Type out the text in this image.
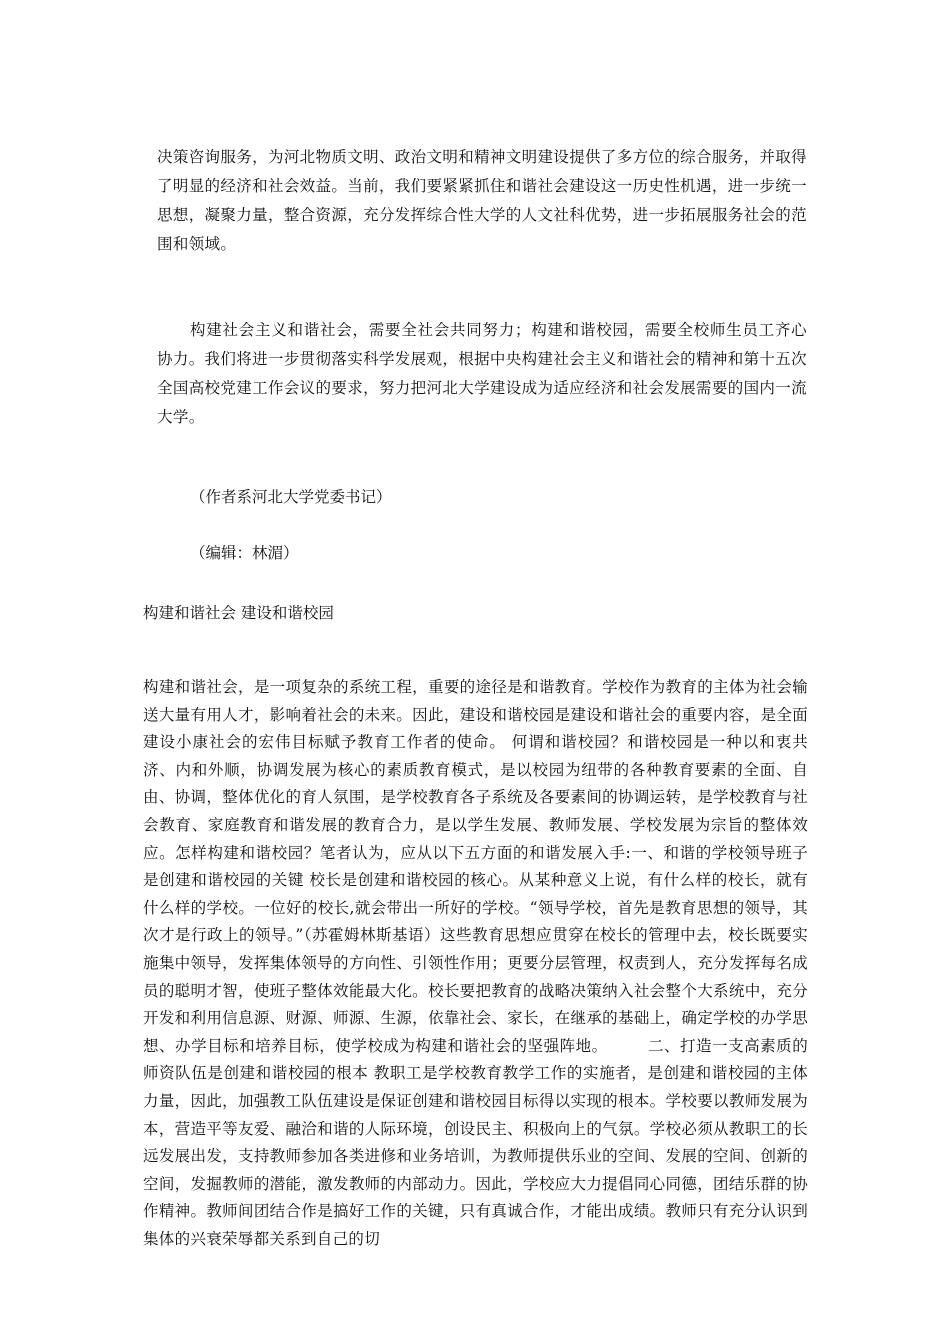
决策咨询服务，为河北物质文明、政治文明和精神文明建设提供了多方位的综合服务，并取得了明显的经济和社会效益。当前，我们要紧紧抓住和谐社会建设这一历史性机遇，进一步统一思想，凝聚力量，整合资源，充分发挥综合性大学的人文社科优势，进一步拓展服务社会的范围和领域。

构建社会主义和谐社会，需要全社会共同努力；构建和谐校园，需要全校师生员工齐心协力。我们将进一步贯彻落实科学发展观，根据中央构建社会主义和谐社会的精神和第十五次全国高校党建工作会议的要求，努力把河北大学建设成为适应经济和社会发展需要的国内一流大学。

（作者系河北大学党委书记）

（编辑：林湄）

构建和谐社会 建设和谐校园

构建和谐社会，是一项复杂的系统工程，重要的途径是和谐教育。学校作为教育的主体为社会输送大量有用人才，影响着社会的未来。因此，建设和谐校园是建设和谐社会的重要内容，是全面建设小康社会的宏伟目标赋予教育工作者的使命。 何谓和谐校园？和谐校园是一种以和衷共济、内和外顺，协调发展为核心的素质教育模式，是以校园为纽带的各种教育要素的全面、自由、协调，整体优化的育人氛围，是学校教育各子系统及各要素间的协调运转，是学校教育与社会教育、家庭教育和谐发展的教育合力，是以学生发展、教师发展、学校发展为宗旨的整体效应。怎样构建和谐校园？笔者认为，应从以下五方面的和谐发展入手:一、和谐的学校领导班子是创建和谐校园的关键 校长是创建和谐校园的核心。从某种意义上说，有什么样的校长，就有什么样的学校。一位好的校长,就会带出一所好的学校。“领导学校，首先是教育思想的领导，其次才是行政上的领导。”（苏霍姆林斯基语）这些教育思想应贯穿在校长的管理中去，校长既要实施集中领导，发挥集体领导的方向性、引领性作用；更要分层管理，权责到人，充分发挥每名成员的聪明才智，使班子整体效能最大化。校长要把教育的战略决策纳入社会整个大系统中，充分开发和利用信息源、财源、师源、生源，依靠社会、家长，在继承的基础上，确定学校的办学思想、办学目标和培养目标，使学校成为构建和谐社会的坚强阵地。　　　二、打造一支高素质的师资队伍是创建和谐校园的根本 教职工是学校教育教学工作的实施者，是创建和谐校园的主体力量，因此，加强教工队伍建设是保证创建和谐校园目标得以实现的根本。学校要以教师发展为本，营造平等友爱、融洽和谐的人际环境，创设民主、积极向上的气氛。学校必须从教职工的长远发展出发，支持教师参加各类进修和业务培训，为教师提供乐业的空间、发展的空间、创新的空间，发掘教师的潜能，激发教师的内部动力。因此，学校应大力提倡同心同德，团结乐群的协作精神。教师间团结合作是搞好工作的关键，只有真诚合作，才能出成绩。教师只有充分认识到集体的兴衰荣辱都关系到自己的切
